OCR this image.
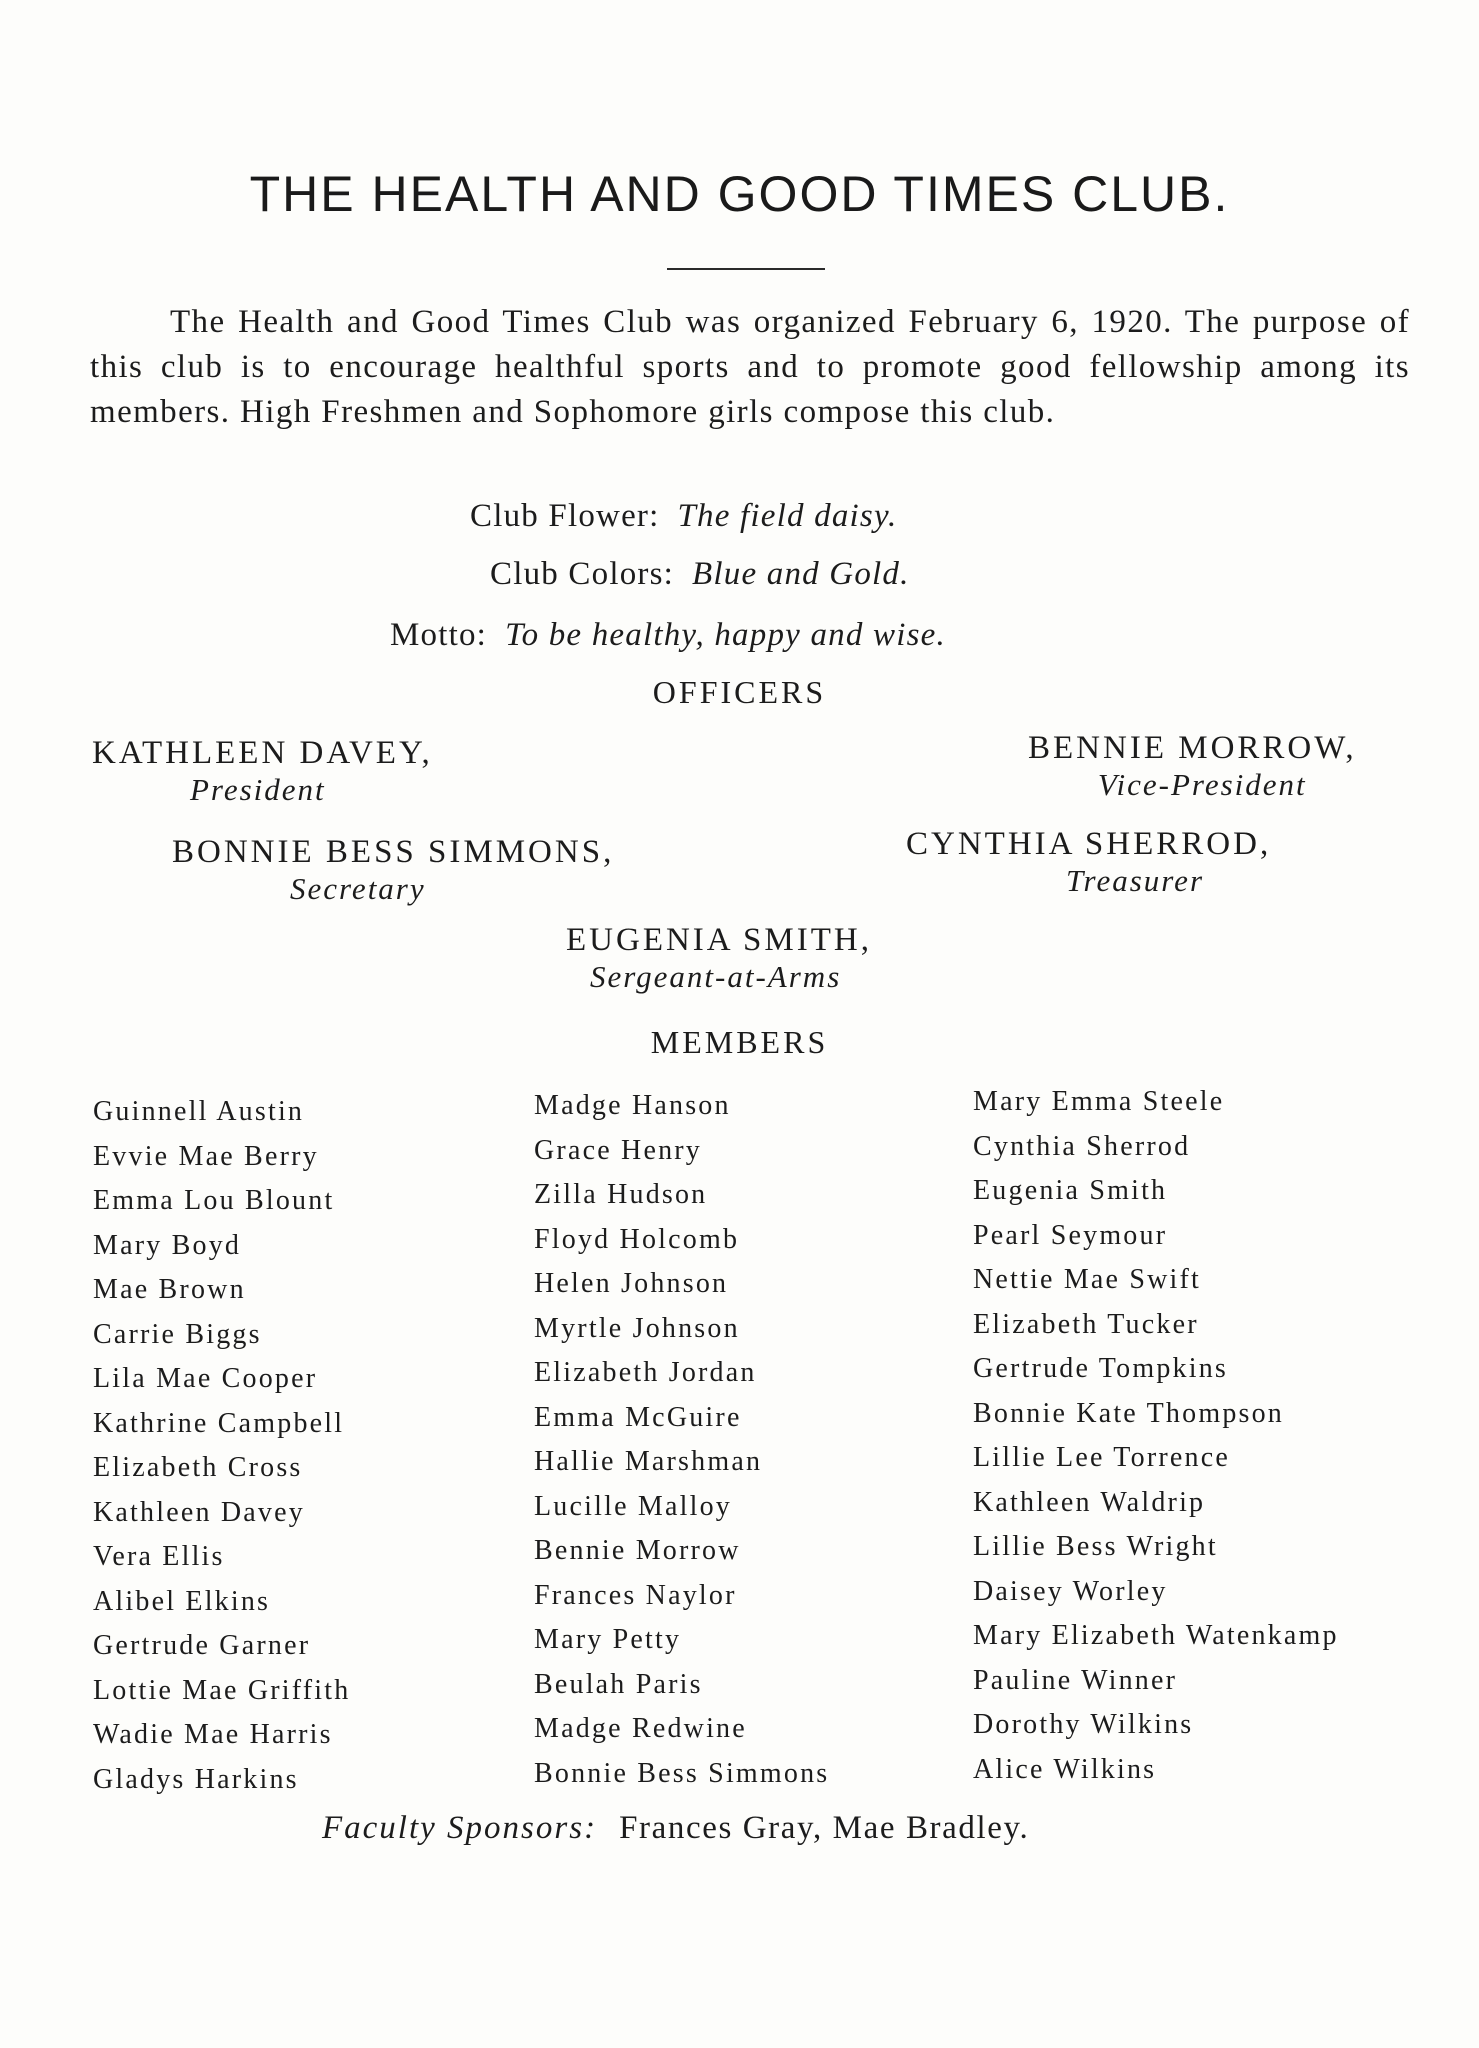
THE HEALTH AND GOOD TIMES CLUB.

The Health and Good Times Club was organized February 6, 1920. The purpose of this club is to encourage healthful sports and to promote good fellowship among its members. High Freshmen and Sophomore girls compose this club.

Club Flower: The field daisy.
Club Colors: Blue and Gold.
Motto: To be healthy, happy and wise.
OFFICERS
KATHLEEN DAVEY,
President
BENNIE MORROW,
Vice-President
BONNIE BESS SIMMONS,
Secretary
CYNTHIA SHERROD,
Treasurer
EUGENIA SMITH,
Sergeant-at-Arms
MEMBERS
Guinnell Austin
Evvie Mae Berry
Emma Lou Blount
Mary Boyd
Mae Brown
Carrie Biggs
Lila Mae Cooper
Kathrine Campbell
Elizabeth Cross
Kathleen Davey
Vera Ellis
Alibel Elkins
Gertrude Garner
Lottie Mae Griffith
Wadie Mae Harris
Gladys Harkins
Madge Hanson
Grace Henry
Zilla Hudson
Floyd Holcomb
Helen Johnson
Myrtle Johnson
Elizabeth Jordan
Emma McGuire
Hallie Marshman
Lucille Malloy
Bennie Morrow
Frances Naylor
Mary Petty
Beulah Paris
Madge Redwine
Bonnie Bess Simmons
Mary Emma Steele
Cynthia Sherrod
Eugenia Smith
Pearl Seymour
Nettie Mae Swift
Elizabeth Tucker
Gertrude Tompkins
Bonnie Kate Thompson
Lillie Lee Torrence
Kathleen Waldrip
Lillie Bess Wright
Daisey Worley
Mary Elizabeth Watenkamp
Pauline Winner
Dorothy Wilkins
Alice Wilkins
Faculty Sponsors: Frances Gray, Mae Bradley.
